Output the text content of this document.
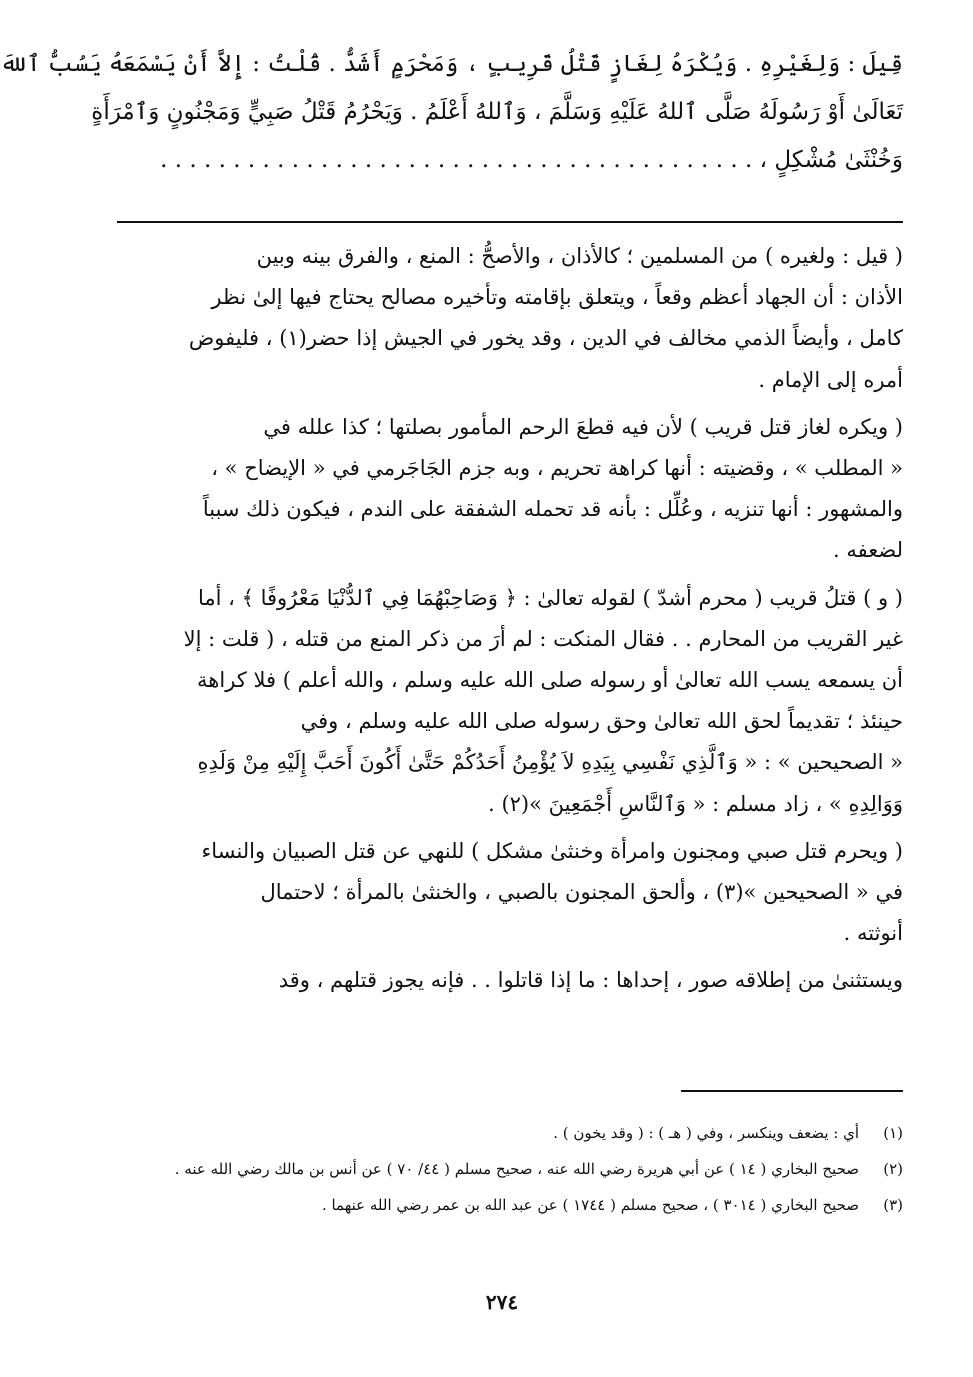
قِيلَ : وَلِغَيْرِهِ . وَيُكْرَهُ لِغَازٍ قَتْلُ قَرِيبٍ ، وَمَحْرَمٍ أَشَدُّ . قُلْتُ : إِلاَّ أَنْ يَسْمَعَهُ يَسُبُّ ٱللهَ
تَعَالَىٰ أَوْ رَسُولَهُ صَلَّى ٱللهُ عَلَيْهِ وَسَلَّمَ ، وَٱللهُ أَعْلَمُ . وَيَحْرُمُ قَتْلُ صَبِيٍّ وَمَجْنُونٍ وَٱمْرَأَةٍ
وَخُنْثَىٰ مُشْكِلٍ ، . . . . . . . . . . . . . . . . . . . . . . . . . . . . . . . . . . . . . . . . .
( قيل : ولغيره ) من المسلمين ؛ كالأذان ، والأصحُّ : المنع ، والفرق بينه وبين
الأذان : أن الجهاد أعظم وقعاً ، ويتعلق بإقامته وتأخيره مصالح يحتاج فيها إلىٰ نظر
كامل ، وأيضاً الذمي مخالف في الدين ، وقد يخور في الجيش إذا حضر(١) ، فليفوض
أمره إلى الإمام .
( ويكره لغاز قتل قريب ) لأن فيه قطعَ الرحم المأمور بصلتها ؛ كذا علله في
« المطلب » ، وقضيته : أنها كراهة تحريم ، وبه جزم الجَاجَرمي في « الإيضاح » ،
والمشهور : أنها تنزيه ، وعُلِّل : بأنه قد تحمله الشفقة على الندم ، فيكون ذلك سبباً
لضعفه .
( و ) قتلُ قريب ( محرم أشدّ ) لقوله تعالىٰ : ﴿ وَصَاحِبْهُمَا فِي ٱلدُّنْيَا مَعْرُوفًا ﴾ ، أما
غير القريب من المحارم . . فقال المنكت : لم أرَ من ذكر المنع من قتله ، ( قلت : إلا
أن يسمعه يسب الله تعالىٰ أو رسوله صلى الله عليه وسلم ، والله أعلم ) فلا كراهة
حينئذ ؛ تقديماً لحق الله تعالىٰ وحق رسوله صلى الله عليه وسلم ، وفي
« الصحيحين » : « وَٱلَّذِي نَفْسِي بِيَدِهِ لاَ يُؤْمِنُ أَحَدُكُمْ حَتَّىٰ أَكُونَ أَحَبَّ إِلَيْهِ مِنْ وَلَدِهِ
وَوَالِدِهِ » ، زاد مسلم : « وَٱلنَّاسِ أَجْمَعِينَ »(٢) .
( ويحرم قتل صبي ومجنون وامرأة وخنثىٰ مشكل ) للنهي عن قتل الصبيان والنساء
في « الصحيحين »(٣) ، وألحق المجنون بالصبي ، والخنثىٰ بالمرأة ؛ لاحتمال
أنوثته .
ويستثنىٰ من إطلاقه صور ، إحداها : ما إذا قاتلوا . . فإنه يجوز قتلهم ، وقد
(١)
أي : يضعف وينكسر ، وفي ( هـ ) : ( وقد يخون ) .
(٢)
صحيح البخاري ( ١٤ ) عن أبي هريرة رضي الله عنه ، صحيح مسلم ( ٤٤/ ٧٠ ) عن أنس بن مالك رضي الله عنه .
(٣)
صحيح البخاري ( ٣٠١٤ ) ، صحيح مسلم ( ١٧٤٤ ) عن عبد الله بن عمر رضي الله عنهما .
٢٧٤
